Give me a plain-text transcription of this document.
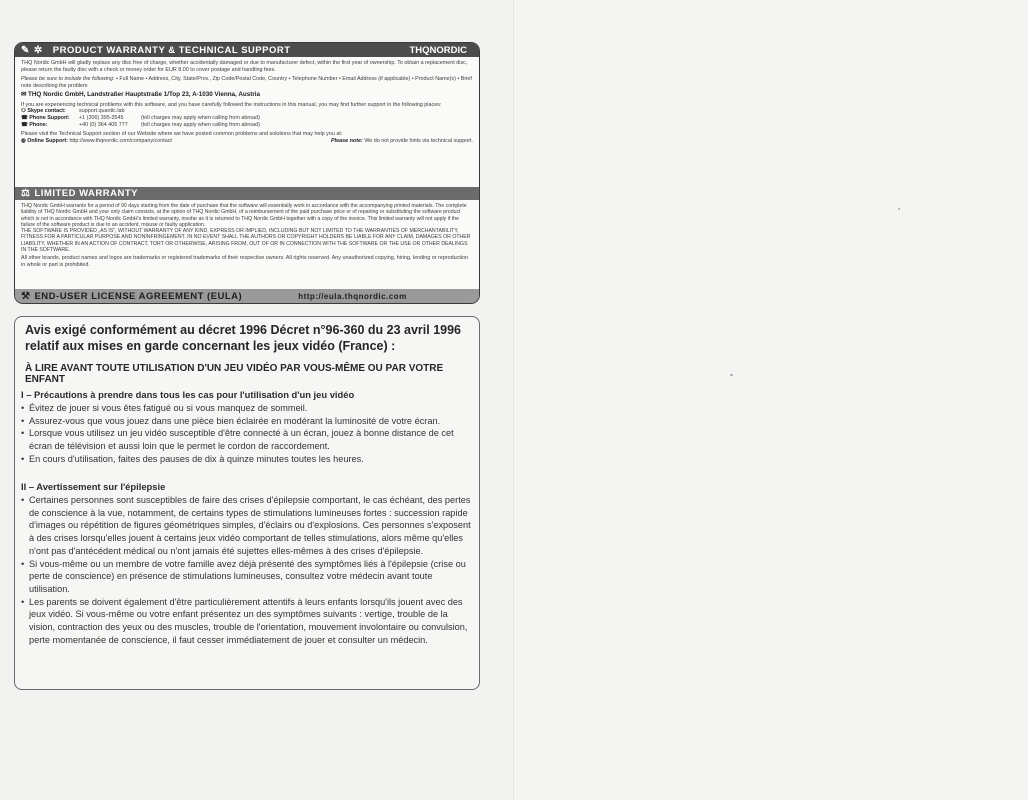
✎ ✲ PRODUCT WARRANTY & TECHNICAL SUPPORT	THQNORDIC
THQ Nordic GmbH will gladly replace any disc free of charge, whether accidentally damaged or due to manufacturer defect, within the first year of ownership. To obtain a replacement disc, please return the faulty disc with a check or money order for EUR 8.00 to cover postage and handling fees.
Please be sure to include the following: • Full Name • Address, City, State/Prov., Zip Code/Postal Code, Country • Telephone Number • Email Address (if applicable) • Product Name(s) • Brief note describing the problem
✉ THQ Nordic GmbH, Landstraßer Hauptstraße 1/Top 23, A-1030 Vienna, Austria
If you are experiencing technical problems with this software, and you have carefully followed the instructions in this manual, you may find further support in the following places:
⚇ Skype contact:	support.quantic.lab
☎ Phone Support:	+1 (206) 395-3545	(toll charges may apply when calling from abroad)
☎ Phone:	+40 (0) 364 405 777	(toll charges may apply when calling from abroad)
Please visit the Technical Support section of our Website where we have posted common problems and solutions that may help you at:
◍ Online Support: http://www.thqnordic.com/company/contact	Please note: We do not provide hints via technical support.
⚖ LIMITED WARRANTY
THQ Nordic GmbH warrants for a period of 90 days starting from the date of purchase that the software will essentially work in accordance with the accompanying printed materials. The complete liability of THQ Nordic GmbH and your only claim consists, at the option of THQ Nordic GmbH, of a reimbursement of the paid purchase price or of repairing or substituting the software product which is not in accordance with THQ Nordic GmbH's limited warranty, insofar as it is returned to THQ Nordic GmbH together with a copy of the invoice. This limited warranty will not apply if the failure of the software product is due to an accident, misuse or faulty application.
THE SOFTWARE IS PROVIDED „AS IS", WITHOUT WARRANTY OF ANY KIND, EXPRESS OR IMPLIED, INCLUDING BUT NOT LIMITED TO THE WARRANTIES OF MERCHANTABILITY, FITNESS FOR A PARTICULAR PURPOSE AND NONINFRINGEMENT. IN NO EVENT SHALL THE AUTHORS OR COPYRIGHT HOLDERS BE LIABLE FOR ANY CLAIM, DAMAGES OR OTHER LIABILITY, WHETHER IN AN ACTION OF CONTRACT, TORT OR OTHERWISE, ARISING FROM, OUT OF OR IN CONNECTION WITH THE SOFTWARE OR THE USE OR OTHER DEALINGS IN THE SOFTWARE.
All other brands, product names and logos are trademarks or registered trademarks of their respective owners. All rights reserved. Any unauthorized copying, hiring, lending or reproduction in whole or part is prohibited.
⚒ END-USER LICENSE AGREEMENT (EULA)	http://eula.thqnordic.com
Avis exigé conformément au décret 1996 Décret n°96-360 du 23 avril 1996 relatif aux mises en garde concernant les jeux vidéo (France) :
À LIRE AVANT TOUTE UTILISATION D'UN JEU VIDÉO PAR VOUS-MÊME OU PAR VOTRE ENFANT
I – Précautions à prendre dans tous les cas pour l'utilisation d'un jeu vidéo
• Évitez de jouer si vous êtes fatigué ou si vous manquez de sommeil.
• Assurez-vous que vous jouez dans une pièce bien éclairée en modérant la luminosité de votre écran.
• Lorsque vous utilisez un jeu vidéo susceptible d'être connecté à un écran, jouez à bonne distance de cet écran de télévision et aussi loin que le permet le cordon de raccordement.
• En cours d'utilisation, faites des pauses de dix à quinze minutes toutes les heures.
II – Avertissement sur l'épilepsie
• Certaines personnes sont susceptibles de faire des crises d'épilepsie comportant, le cas échéant, des pertes de conscience à la vue, notamment, de certains types de stimulations lumineuses fortes : succession rapide d'images ou répétition de figures géométriques simples, d'éclairs ou d'explosions. Ces personnes s'exposent à des crises lorsqu'elles jouent à certains jeux vidéo comportant de telles stimulations, alors même qu'elles n'ont pas d'antécédent médical ou n'ont jamais été sujettes elles-mêmes à des crises d'épilepsie.
• Si vous-même ou un membre de votre famille avez déjà présenté des symptômes liés à l'épilepsie (crise ou perte de conscience) en présence de stimulations lumineuses, consultez votre médecin avant toute utilisation.
• Les parents se doivent également d'être particulièrement attentifs à leurs enfants lorsqu'ils jouent avec des jeux vidéo. Si vous-même ou votre enfant présentez un des symptômes suivants : vertige, trouble de la vision, contraction des yeux ou des muscles, trouble de l'orientation, mouvement involontaire ou convulsion, perte momentanée de conscience, il faut cesser immédiatement de jouer et consulter un médecin.
